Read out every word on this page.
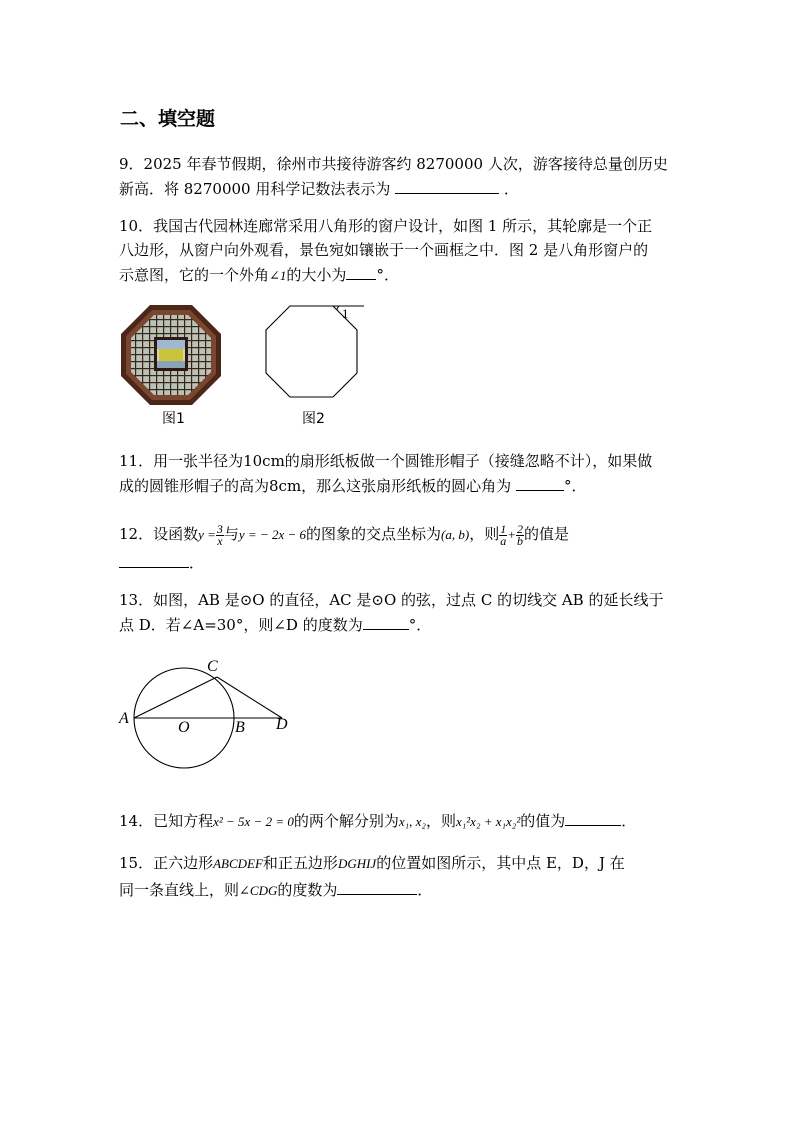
二、填空题
9．2025 年春节假期，徐州市共接待游客约 8270000 人次，游客接待总量创历史
新高．将 8270000 用科学记数法表示为	．
10．我国古代园林连廊常采用八角形的窗户设计，如图 1 所示，其轮廓是一个正
八边形，从窗户向外观看，景色宛如镶嵌于一个画框之中．图 2 是八角形窗户的
示意图，它的一个外角∠1的大小为 °．
图1
1
图2
11．用一张半径为10cm的扇形纸板做一个圆锥形帽子（接缝忽略不计），如果做
成的圆锥形帽子的高为8cm，那么这张扇形纸板的圆心角为	°．
12．设函数$y = \frac{3}{x}$ 与y = − 2x − 6的图象的交点坐标为(a, b)，则 $\frac{1}{a} + \frac{2}{b}$ 的值是
．
13．如图，AB 是⊙O 的直径，AC 是⊙O 的弦，过点 C 的切线交 AB 的延长线于
点 D．若∠A=30°，则∠D 的度数为	°．
A
C
O	B D
14．已知方程x² − 5x − 2 = 0的两个解分别为x₁, x₂，则x₁²x₂ + x₁x₂²的值为	．
15．正六边形ABCDEF和正五边形DGHIJ的位置如图所示，其中点 E，D，J 在
同一条直线上，则∠CDG的度数为	．
